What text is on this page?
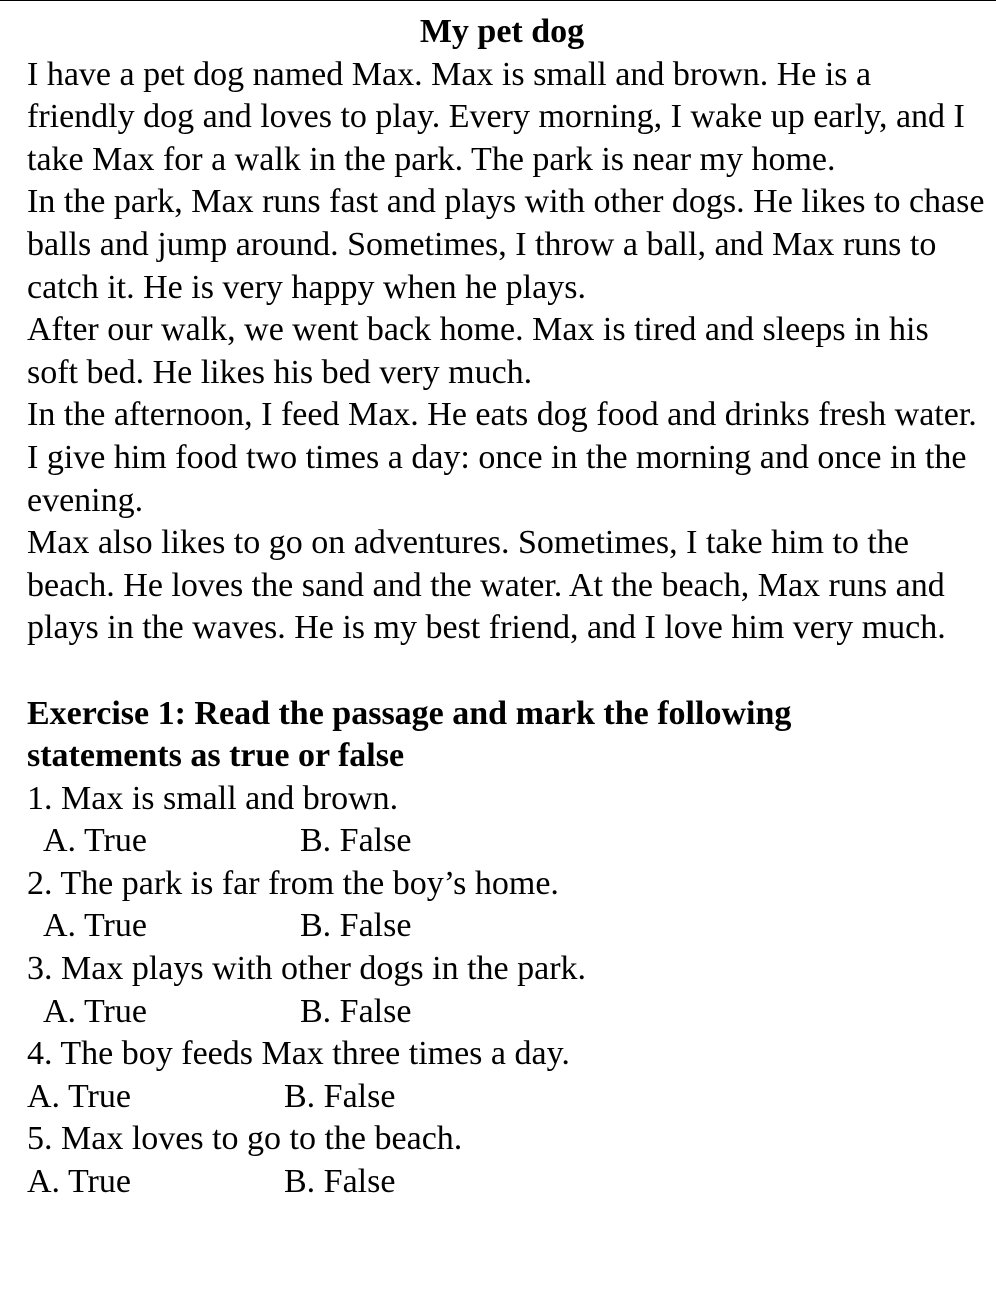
My pet dog

I have a pet dog named Max. Max is small and brown. He is a friendly dog and loves to play. Every morning, I wake up early, and I take Max for a walk in the park. The park is near my home.

In the park, Max runs fast and plays with other dogs. He likes to chase balls and jump around. Sometimes, I throw a ball, and Max runs to catch it. He is very happy when he plays.

After our walk, we went back home. Max is tired and sleeps in his soft bed. He likes his bed very much.

In the afternoon, I feed Max. He eats dog food and drinks fresh water. I give him food two times a day: once in the morning and once in the evening.

Max also likes to go on adventures. Sometimes, I take him to the beach. He loves the sand and the water. At the beach, Max runs and plays in the waves. He is my best friend, and I love him very much.

Exercise 1: Read the passage and mark the following

statements as true or false

1. Max is small and brown.

A. True	B. False

2. The park is far from the boy’s home.

A. True	B. False

3. Max plays with other dogs in the park.

A. True	B. False

4. The boy feeds Max three times a day.

A. True	B. False

5. Max loves to go to the beach.

A. True	B. False
